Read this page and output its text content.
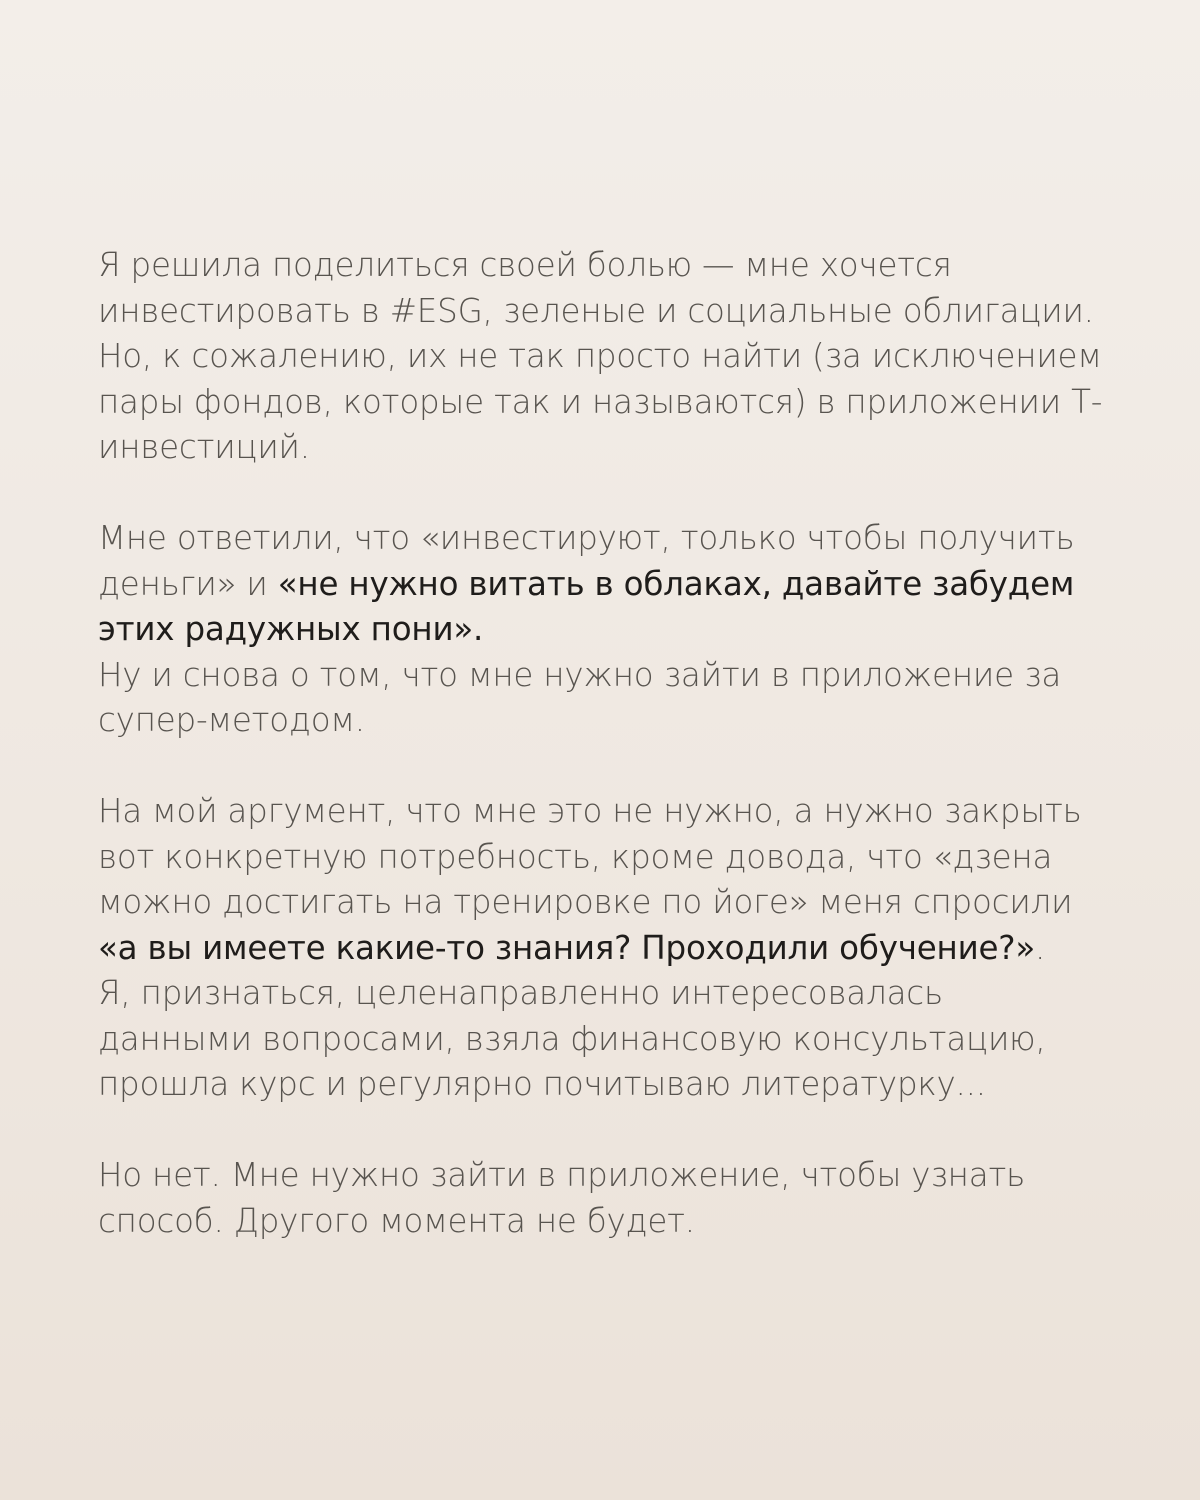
Я решила поделиться своей болью — мне хочется
инвестировать в #ESG, зеленые и социальные облигации.
Но, к сожалению, их не так просто найти (за исключением
пары фондов, которые так и называются) в приложении Т-
инвестиций.

Мне ответили, что «инвестируют, только чтобы получить
деньги» и «не нужно витать в облаках, давайте забудем
этих радужных пони».
Ну и снова о том, что мне нужно зайти в приложение за
супер-методом.

На мой аргумент, что мне это не нужно, а нужно закрыть
вот конкретную потребность, кроме довода, что «дзена
можно достигать на тренировке по йоге» меня спросили
«а вы имеете какие-то знания? Проходили обучение?».
Я, признаться, целенаправленно интересовалась
данными вопросами, взяла финансовую консультацию,
прошла курс и регулярно почитываю литературку...

Но нет. Мне нужно зайти в приложение, чтобы узнать
способ. Другого момента не будет.
